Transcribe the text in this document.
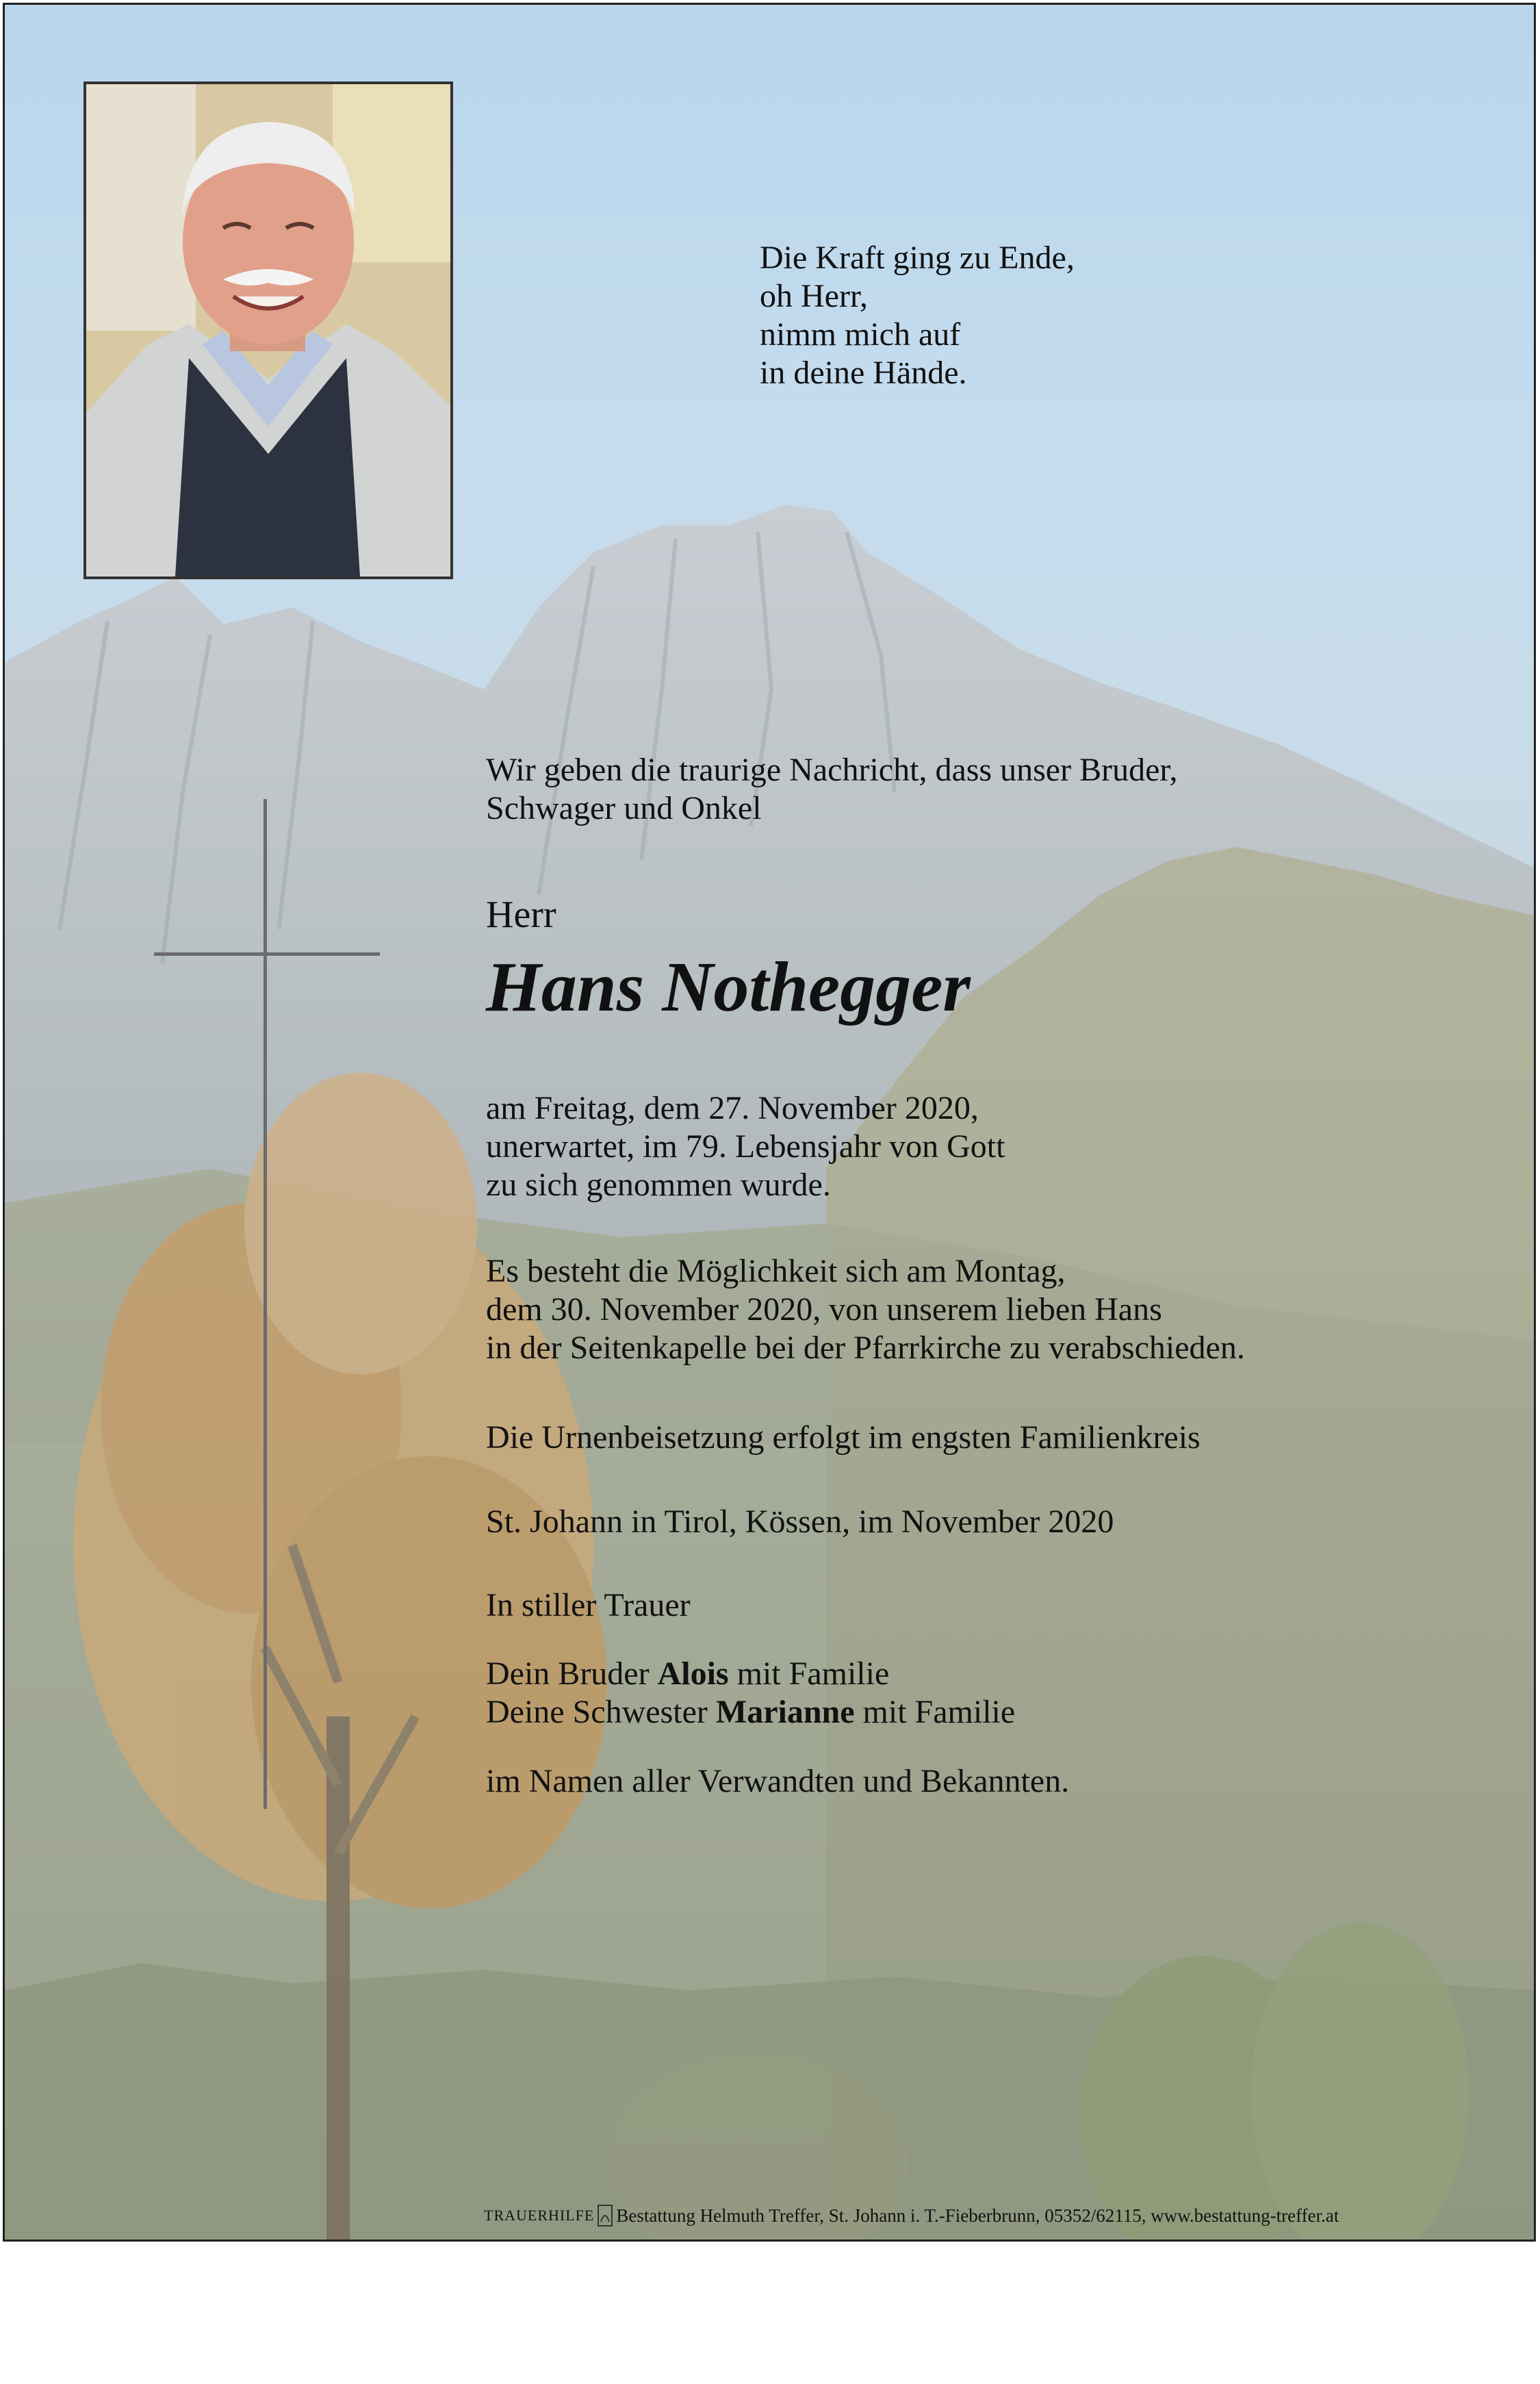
Die Kraft ging zu Ende,
oh Herr,
nimm mich auf
in deine Hände.
Wir geben die traurige Nachricht, dass unser Bruder,
Schwager und Onkel
Herr
Hans Nothegger
am Freitag, dem 27. November 2020,
unerwartet, im 79. Lebensjahr von Gott
zu sich genommen wurde.
Es besteht die Möglichkeit sich am Montag,
dem 30. November 2020, von unserem lieben Hans
in der Seitenkapelle bei der Pfarrkirche zu verabschieden.
Die Urnenbeisetzung erfolgt im engsten Familienkreis
St. Johann in Tirol, Kössen, im November 2020
In stiller Trauer
Dein Bruder Alois mit Familie
Deine Schwester Marianne mit Familie
im Namen aller Verwandten und Bekannten.
TRAUERHILFE Bestattung Helmuth Treffer, St. Johann i. T.-Fieberbrunn, 05352/62115, www.bestattung-treffer.at
